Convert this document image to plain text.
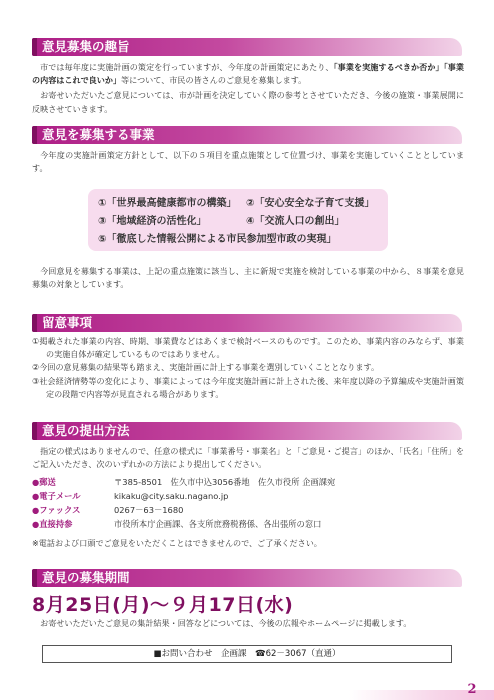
意見募集の趣旨

市では毎年度に実施計画の策定を行っていますが、今年度の計画策定にあたり、「事業を実施するべきか否か」「事業の内容はこれで良いか」等について、市民の皆さんのご意見を募集します。

お寄せいただいたご意見については、市が計画を決定していく際の参考とさせていただき、今後の施策・事業展開に反映させていきます。

意見を募集する事業

今年度の実施計画策定方針として、以下の５項目を重点施策として位置づけ、事業を実施していくこととしています。

①「世界最高健康都市の構築」 ②「安心安全な子育て支援」
③「地域経済の活性化」	④「交流人口の創出」
⑤「徹底した情報公開による市民参加型市政の実現」

今回意見を募集する事業は、上記の重点施策に該当し、主に新規で実施を検討している事業の中から、８事業を意見募集の対象としています。

留意事項

①掲載された事業の内容、時期、事業費などはあくまで検討ベースのものです。このため、事業内容のみならず、事業の実施自体が確定しているものではありません。

②今回の意見募集の結果等も踏まえ、実施計画に計上する事業を選別していくこととなります。

③社会経済情勢等の変化により、事業によっては今年度実施計画に計上された後、来年度以降の予算編成や実施計画策定の段階で内容等が見直される場合があります。

意見の提出方法

指定の様式はありませんので、任意の様式に「事業番号・事業名」と「ご意見・ご提言」のほか、「氏名」「住所」をご記入いただき、次のいずれかの方法により提出してください。

●郵送	〒385-8501　佐久市中込3056番地　佐久市役所 企画課宛

●電子メール	kikaku@city.saku.nagano.jp

●ファックス	0267－63－1680

●直接持参	市役所本庁企画課、各支所庶務税務係、各出張所の窓口

※電話および口頭でご意見をいただくことはできませんので、ご了承ください。

意見の募集期間
8月25日(月)～９月17日(水)

お寄せいただいたご意見の集計結果・回答などについては、今後の広報やホームページに掲載します。

■お問い合わせ　企画課　☎62－3067（直通）
2
